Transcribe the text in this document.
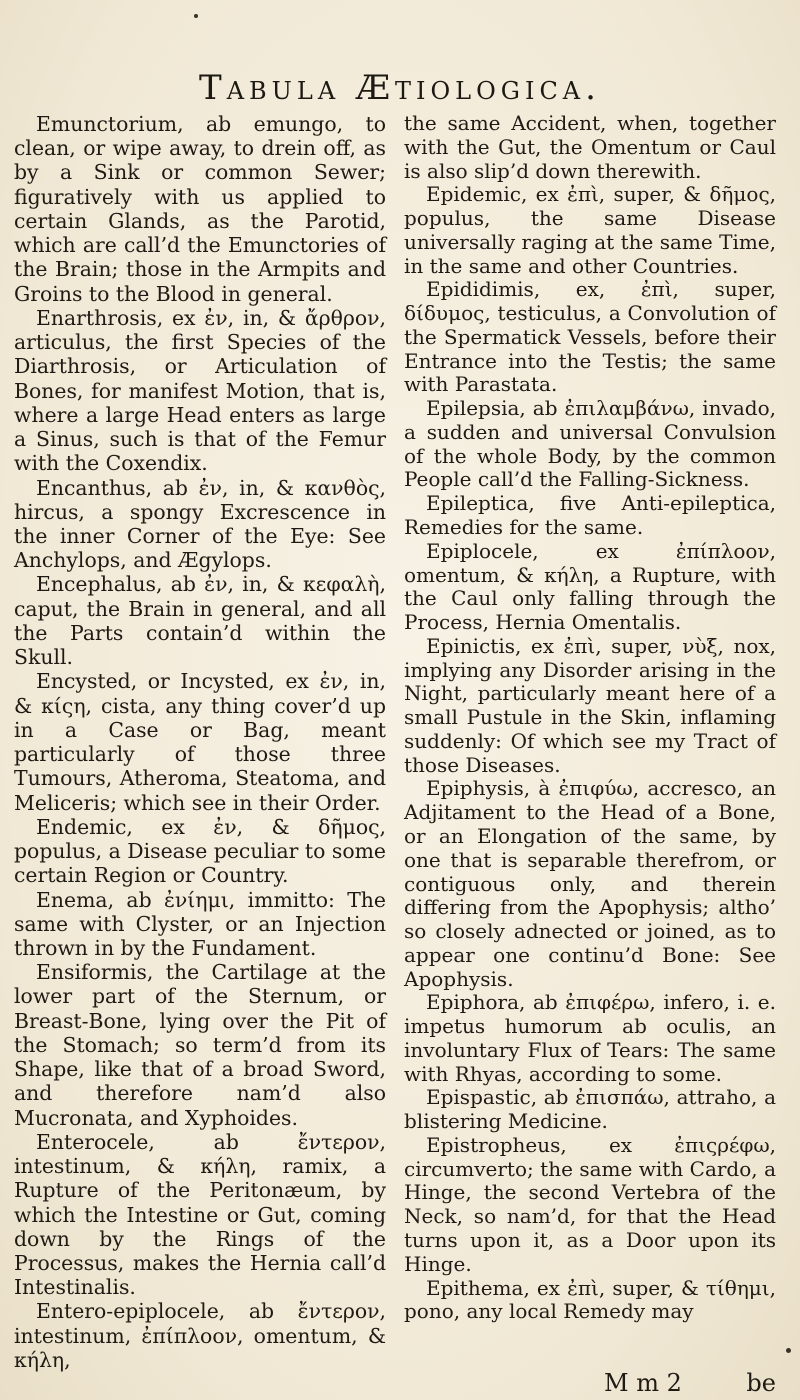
Tabula Ætiologica.

Emunctorium, ab emungo, to clean, or wipe away, to drein off, as by a Sink or common Sewer; figuratively with us applied to certain Glands, as the Parotid, which are call’d the Emunctories of the Brain; those in the Armpits and Groins to the Blood in general.

Enarthrosis, ex ἐν, in, & ἄρθρον, articulus, the first Species of the Diarthrosis, or Articulation of Bones, for manifest Motion, that is, where a large Head enters as large a Sinus, such is that of the Femur with the Coxendix.

Encanthus, ab ἐν, in, & κανθὸς, hircus, a spongy Excrescence in the inner Corner of the Eye: See Anchylops, and Ægylops.

Encephalus, ab ἐν, in, & κεφαλὴ, caput, the Brain in general, and all the Parts contain’d within the Skull.

Encysted, or Incysted, ex ἐν, in, & κίςη, cista, any thing cover’d up in a Case or Bag, meant particularly of those three Tumours, Atheroma, Steatoma, and Meliceris; which see in their Order.

Endemic, ex ἐν, & δῆμος, populus, a Disease peculiar to some certain Region or Country.

Enema, ab ἐνίημι, immitto: The same with Clyster, or an Injection thrown in by the Fundament.

Ensiformis, the Cartilage at the lower part of the Sternum, or Breast-Bone, lying over the Pit of the Stomach; so term’d from its Shape, like that of a broad Sword, and therefore nam’d also Mucronata, and Xyphoides.

Enterocele, ab ἔντερον, intestinum, & κήλη, ramix, a Rupture of the Peritonæum, by which the Intestine or Gut, coming down by the Rings of the Processus, makes the Hernia call’d Intestinalis.

Entero-epiplocele, ab ἔντερον, intestinum, ἐπίπλοον, omentum, & κήλη,

the same Accident, when, together with the Gut, the Omentum or Caul is also slip’d down therewith.

Epidemic, ex ἐπὶ, super, & δῆμος, populus, the same Disease universally raging at the same Time, in the same and other Countries.

Epididimis, ex, ἐπὶ, super, δίδυμος, testiculus, a Convolution of the Spermatick Vessels, before their Entrance into the Testis; the same with Parastata.

Epilepsia, ab ἐπιλαμβάνω, invado, a sudden and universal Convulsion of the whole Body, by the common People call’d the Falling-Sickness.

Epileptica, five Anti-epileptica, Remedies for the same.

Epiplocele, ex ἐπίπλοον, omentum, & κήλη, a Rupture, with the Caul only falling through the Process, Hernia Omentalis.

Epinictis, ex ἐπὶ, super, νὺξ, nox, implying any Disorder arising in the Night, particularly meant here of a small Pustule in the Skin, inflaming suddenly: Of which see my Tract of those Diseases.

Epiphysis, à ἐπιφύω, accresco, an Adjitament to the Head of a Bone, or an Elongation of the same, by one that is separable therefrom, or contiguous only, and therein differing from the Apophysis; altho’ so closely adnected or joined, as to appear one continu’d Bone: See Apophysis.

Epiphora, ab ἐπιφέρω, infero, i. e. impetus humorum ab oculis, an involuntary Flux of Tears: The same with Rhyas, according to some.

Epispastic, ab ἐπισπάω, attraho, a blistering Medicine.

Epistropheus, ex ἐπιςρέφω, circumverto; the same with Cardo, a Hinge, the second Vertebra of the Neck, so nam’d, for that the Head turns upon it, as a Door upon its Hinge.

Epithema, ex ἐπὶ, super, & τίθημι, pono, any local Remedy may

M m 2	be
